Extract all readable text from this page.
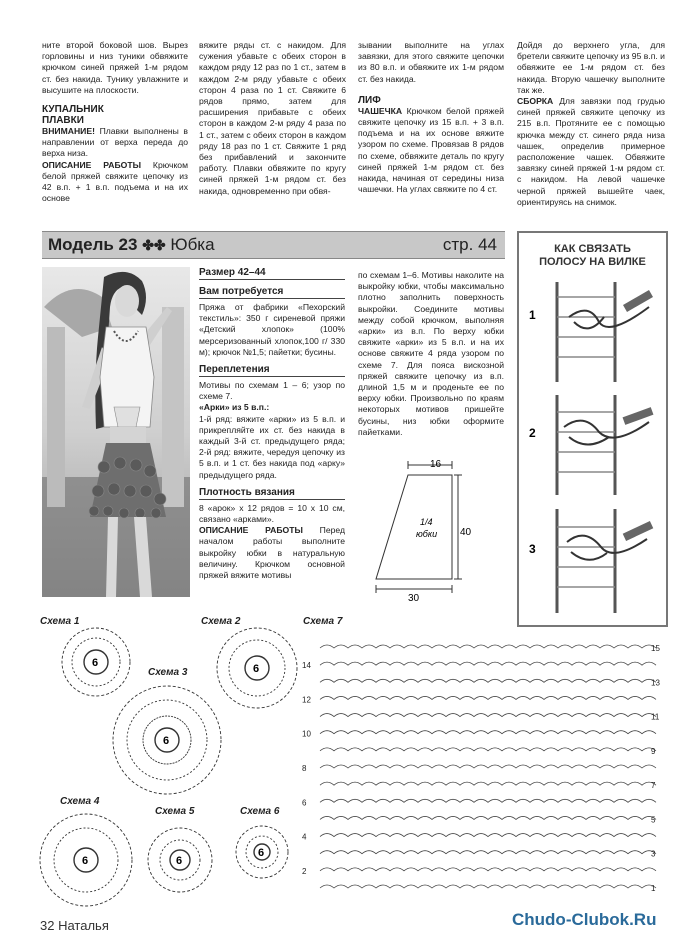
ните второй боковой шов. Вырез горловины и низ туники обвяжите крючком синей пряжей 1-м рядом ст. без накида. Тунику увлажните и высушите на плоскости.

КУПАЛЬНИК
ПЛАВКИ

ВНИМАНИЕ! Плавки выполнены в направлении от верха переда до верха низа.

ОПИСАНИЕ РАБОТЫ Крючком белой пряжей свяжите цепочку из 42 в.п. + 1 в.п. подъема и на их основе

вяжите ряды ст. с накидом. Для сужения убавьте с обеих сторон в каждом ряду 12 раз по 1 ст., затем в каждом 2-м ряду убавьте с обеих сторон 4 раза по 1 ст. Свяжите 6 рядов прямо, затем для расширения прибавьте с обеих сторон в каждом 2-м ряду 4 раза по 1 ст., затем с обеих сторон в каждом ряду 18 раз по 1 ст. Свяжите 1 ряд без прибавлений и закончите работу. Плавки обвяжите по кругу синей пряжей 1-м рядом ст. без накида, одновременно при обвя-

зывании выполните на углах завязки, для этого свяжите цепочки из 80 в.п. и обвяжите их 1-м рядом ст. без накида.

ЛИФ

ЧАШЕЧКА Крючком белой пряжей свяжите цепочку из 15 в.п. + 3 в.п. подъема и на их основе вяжите узором по схеме. Провязав 8 рядов по схеме, обвяжите деталь по кругу синей пряжей 1-м рядом ст. без накида, начиная от середины низа чашечки. На углах свяжите по 4 ст.

Дойдя до верхнего угла, для бретели свяжите цепочку из 95 в.п. и обвяжите ее 1-м рядом ст. без накида. Вторую чашечку выполните так же.

СБОРКА Для завязки под грудью синей пряжей свяжите цепочку из 215 в.п. Протяните ее с помощью крючка между ст. синего ряда низа чашек, определив примерное расположение чашек. Обвяжите завязку синей пряжей 1-м рядом ст. с накидом. На левой чашечке черной пряжей вышейте чаек, ориентируясь на снимок.

Модель 23 ✤✤ Юбка	стр. 44
Размер 42–44
Вам потребуется

Пряжа от фабрики «Пехорский текстиль»: 350 г сиреневой пряжи «Детский хлопок» (100% мерсеризованный хлопок,100 г/ 330 м); крючок №1,5; пайетки; бусины.

Переплетения

Мотивы по схемам 1 – 6; узор по схеме 7.

«Арки» из 5 в.п.:

1-й ряд: вяжите «арки» из 5 в.п. и прикрепляйте их ст. без накида в каждый 3-й ст. предыдущего ряда; 2-й ряд: вяжите, чередуя цепочку из 5 в.п. и 1 ст. без накида под «арку» предыдущего ряда.

Плотность вязания

8 «арок» х 12 рядов = 10 х 10 см, связано «арками».

ОПИСАНИЕ РАБОТЫ Перед началом работы выполните выкройку юбки в натуральную величину. Крючком основной пряжей вяжите мотивы

по схемам 1–6. Мотивы наколите на выкройку юбки, чтобы максимально плотно заполнить поверхность выкройки. Соедините мотивы между собой крючком, выполняя «арки» из в.п. По верху юбки свяжите «арки» из 5 в.п. и на их основе свяжите 4 ряда узором по схеме 7. Для пояса вискозной пряжей свяжите цепочку из в.п. длиной 1,5 м и проденьте ее по верху юбки. Произвольно по краям некоторых мотивов пришейте бусины, низ юбки оформите пайетками.

16
40
30
1/4
юбки
КАК СВЯЗАТЬ ПОЛОСУ НА ВИЛКЕ
1
2
3
Схема 1	Схема 2
Схема 3
Схема 4
Схема 5	Схема 6
Схема 7
6	6
6
6	6
6
15
14
13
12
11
10
9
8
7
6
5
4
3
2
1
32 Наталья	Chudo-Clubok.Ru
